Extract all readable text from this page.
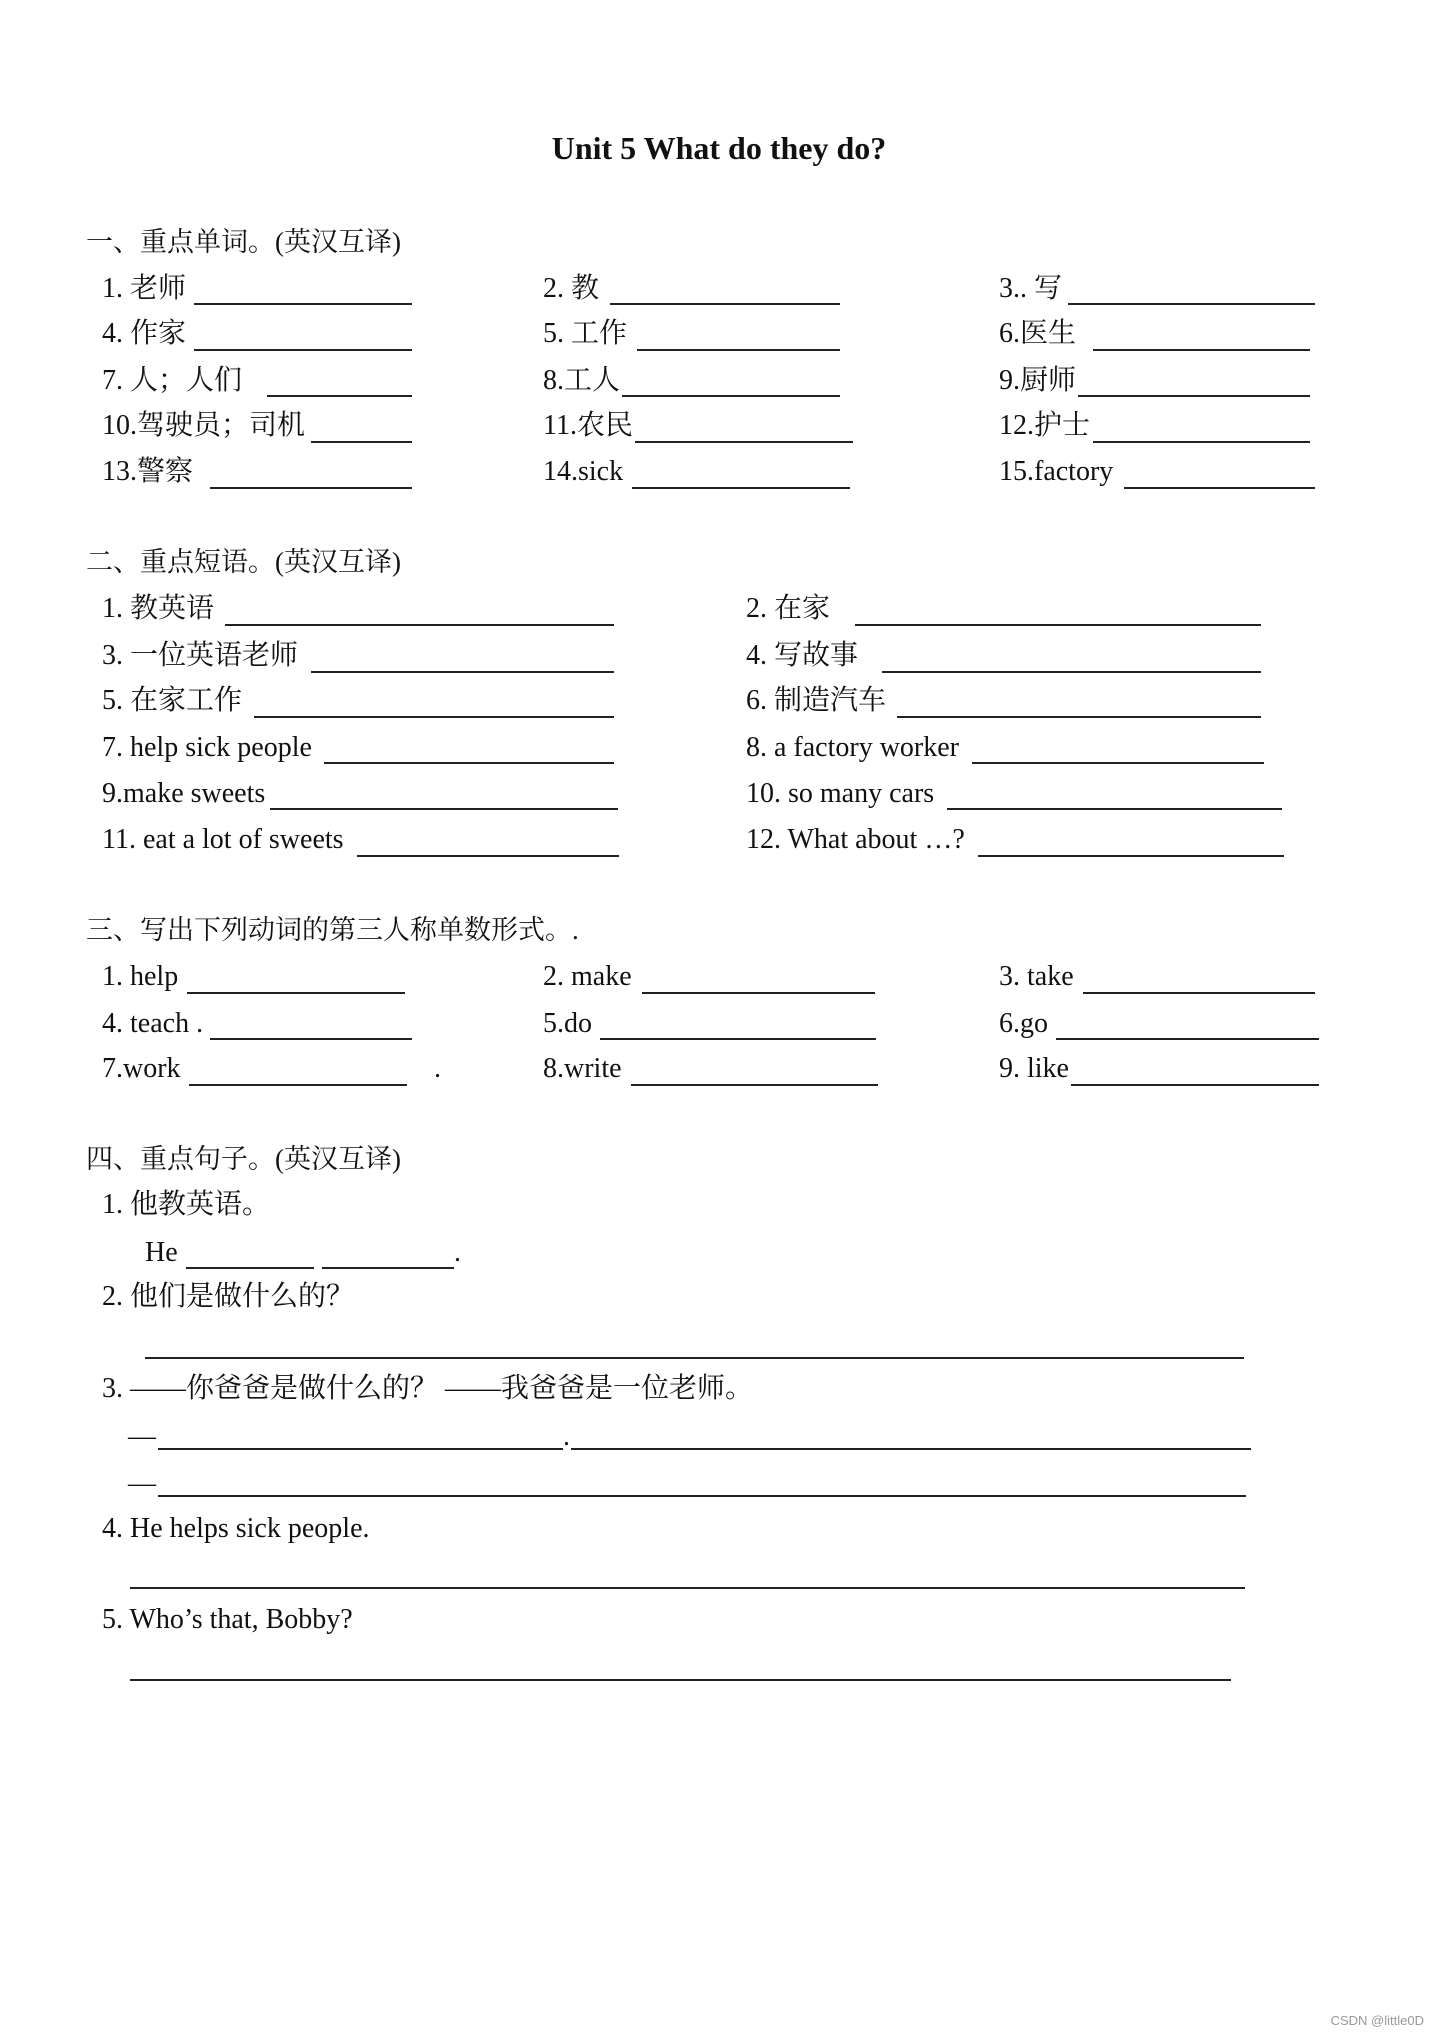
Unit 5 What do they do?
一、重点单词。(英汉互译)
1. 老师	2. 教	3.. 写
4. 作家	5. 工作	6.医生
7. 人；人们	8.工人	9.厨师
10.驾驶员；司机	11.农民	12.护士
13.警察	14.sick	15.factory
二、重点短语。(英汉互译)
1. 教英语	2. 在家
3. 一位英语老师	4. 写故事
5. 在家工作	6. 制造汽车
7. help sick people	8. a factory worker
9.make sweets	10. so many cars
11. eat a lot of sweets	12. What about …?
三、写出下列动词的第三人称单数形式。.
1. help	2. make	3. take
4. teach .	5.do	6.go
7.work	.	8.write	9. like
四、重点句子。(英汉互译)
1. 他教英语。
He	.
2. 他们是做什么的？
3. ——你爸爸是做什么的？ ——我爸爸是一位老师。
—	.
—
4. He helps sick people.
5. Who’s that, Bobby?
CSDN @little0D
